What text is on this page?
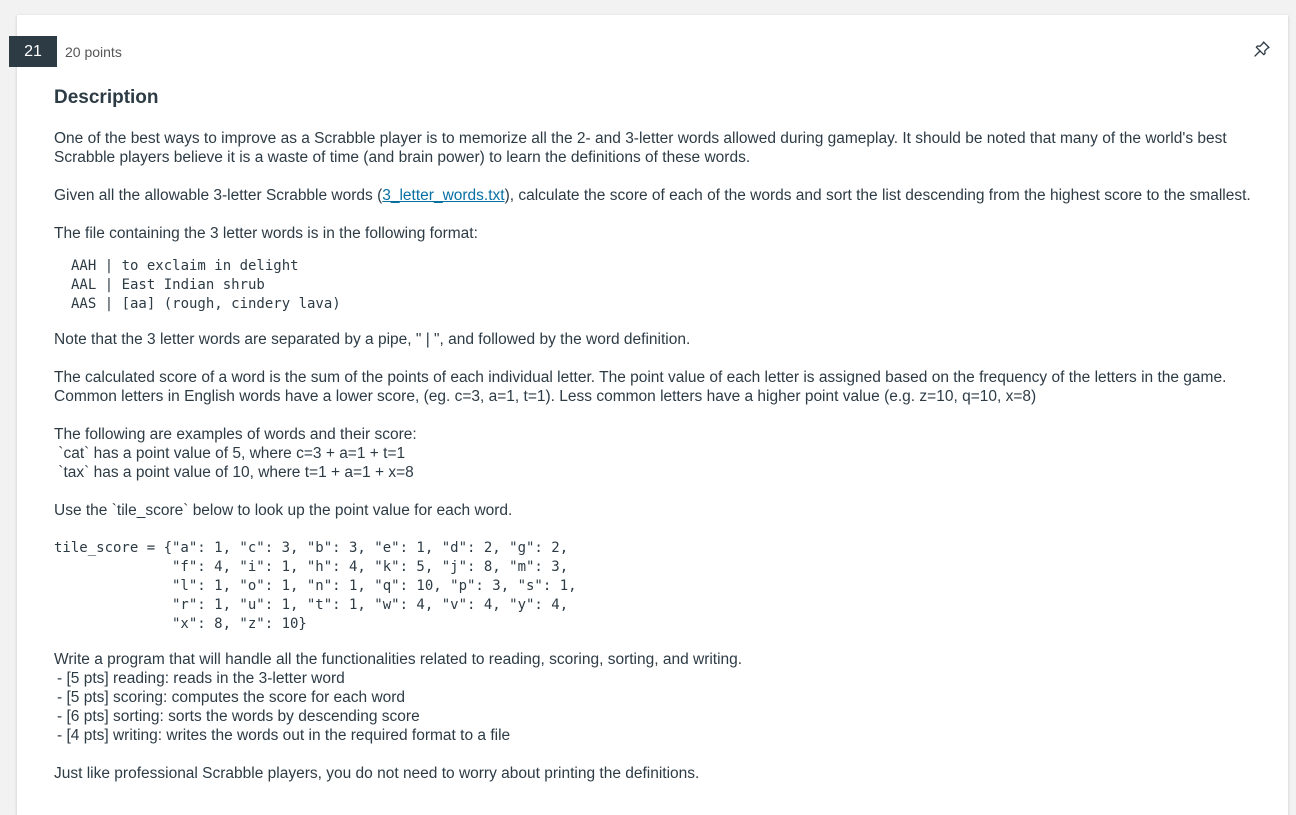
21	20 points
Description

One of the best ways to improve as a Scrabble player is to memorize all the 2- and 3-letter words allowed during gameplay. It should be noted that many of the world's best Scrabble players believe it is a waste of time (and brain power) to learn the definitions of these words.

Given all the allowable 3-letter Scrabble words (3_letter_words.txt), calculate the score of each of the words and sort the list descending from the highest score to the smallest.

The file containing the 3 letter words is in the following format:

AAH | to exclaim in delight
AAL | East Indian shrub
AAS | [aa] (rough, cindery lava)

Note that the 3 letter words are separated by a pipe, " | ", and followed by the word definition.

The calculated score of a word is the sum of the points of each individual letter. The point value of each letter is assigned based on the frequency of the letters in the game. Common letters in English words have a lower score, (eg. c=3, a=1, t=1). Less common letters have a higher point value (e.g. z=10, q=10, x=8)

The following are examples of words and their score:
`cat` has a point value of 5, where c=3 + a=1 + t=1
`tax` has a point value of 10, where t=1 + a=1 + x=8

Use the `tile_score` below to look up the point value for each word.

tile_score = {"a": 1, "c": 3, "b": 3, "e": 1, "d": 2, "g": 2,
"f": 4, "i": 1, "h": 4, "k": 5, "j": 8, "m": 3,
"l": 1, "o": 1, "n": 1, "q": 10, "p": 3, "s": 1,
"r": 1, "u": 1, "t": 1, "w": 4, "v": 4, "y": 4,
"x": 8, "z": 10}

Write a program that will handle all the functionalities related to reading, scoring, sorting, and writing.
- [5 pts] reading: reads in the 3-letter word
- [5 pts] scoring: computes the score for each word
- [6 pts] sorting: sorts the words by descending score
- [4 pts] writing: writes the words out in the required format to a file

Just like professional Scrabble players, you do not need to worry about printing the definitions.
